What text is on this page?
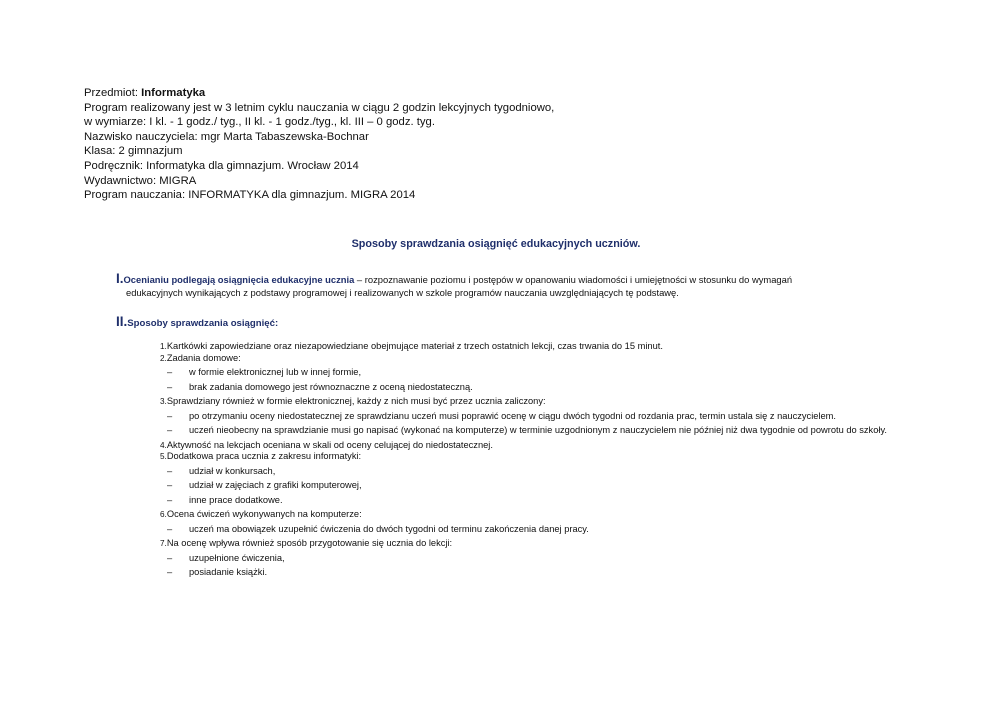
Przedmiot: Informatyka
Program realizowany jest w 3 letnim cyklu nauczania w ciągu 2 godzin lekcyjnych tygodniowo,
w wymiarze: I kl. - 1 godz./ tyg., II kl. - 1 godz./tyg., kl. III – 0 godz. tyg.
Nazwisko nauczyciela: mgr Marta Tabaszewska-Bochnar
Klasa: 2 gimnazjum
Podręcznik: Informatyka dla gimnazjum. Wrocław 2014
Wydawnictwo: MIGRA
Program nauczania: INFORMATYKA dla gimnazjum. MIGRA 2014
Sposoby sprawdzania osiągnięć edukacyjnych uczniów.
I.Ocenianiu podlegają osiągnięcia edukacyjne ucznia – rozpoznawanie poziomu i postępów w opanowaniu wiadomości i umiejętności w stosunku do wymagań
edukacyjnych wynikających z podstawy programowej i realizowanych w szkole programów nauczania uwzględniających tę podstawę.
II.Sposoby sprawdzania osiągnięć:
1.Kartkówki zapowiedziane oraz niezapowiedziane obejmujące materiał z trzech ostatnich lekcji, czas trwania do 15 minut.
2.Zadania domowe:
–	w formie elektronicznej lub w innej formie,
–	brak zadania domowego jest równoznaczne z oceną niedostateczną.
3.Sprawdziany również w formie elektronicznej, każdy z nich musi być przez ucznia zaliczony:
–	po otrzymaniu oceny niedostatecznej ze sprawdzianu uczeń musi poprawić ocenę w ciągu dwóch tygodni od rozdania prac, termin ustala się z nauczycielem.
–	uczeń nieobecny na sprawdzianie musi go napisać (wykonać na komputerze) w terminie uzgodnionym z nauczycielem nie później niż dwa tygodnie od powrotu do szkoły.
4.Aktywność na lekcjach oceniana w skali od oceny celującej do niedostatecznej.
5.Dodatkowa praca ucznia z zakresu informatyki:
–	udział w konkursach,
–	udział w zajęciach z grafiki komputerowej,
–	inne prace dodatkowe.
6.Ocena ćwiczeń wykonywanych na komputerze:
–	uczeń ma obowiązek uzupełnić ćwiczenia do dwóch tygodni od terminu zakończenia danej pracy.
7.Na ocenę wpływa również sposób przygotowanie się ucznia do lekcji:
–	uzupełnione ćwiczenia,
–	posiadanie książki.
